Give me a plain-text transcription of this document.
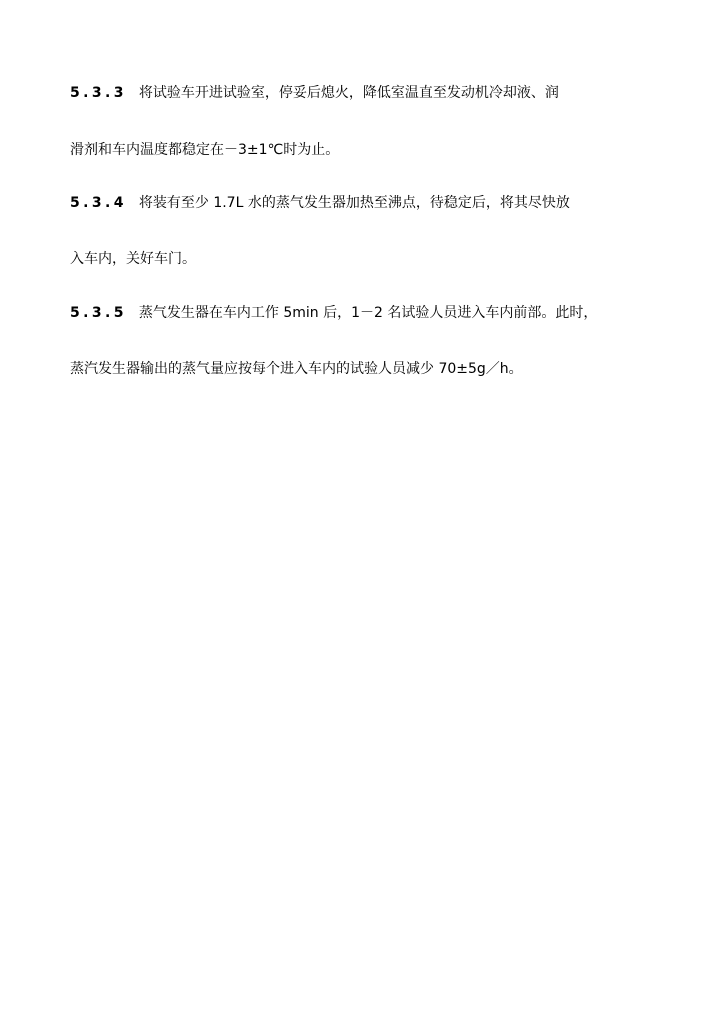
5.3.3 将试验车开进试验室，停妥后熄火，降低室温直至发动机冷却液、润
滑剂和车内温度都稳定在－3±1℃时为止。
5.3.4 将装有至少 1.7L 水的蒸气发生器加热至沸点，待稳定后，将其尽快放
入车内，关好车门。
5.3.5 蒸气发生器在车内工作 5min 后，1－2 名试验人员进入车内前部。此时，
蒸汽发生器输出的蒸气量应按每个进入车内的试验人员减少 70±5g／h。
